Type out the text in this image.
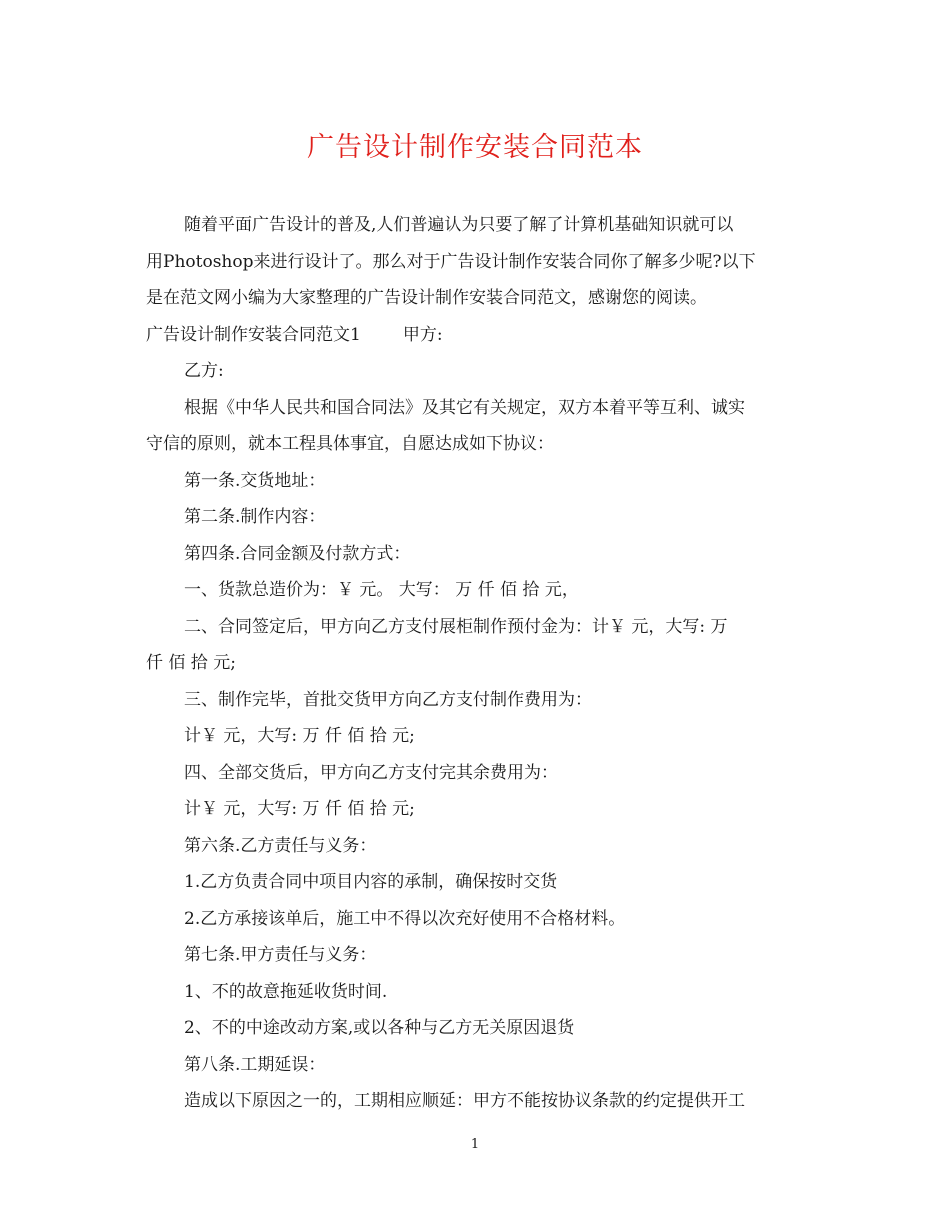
广告设计制作安装合同范本

随着平面广告设计的普及,人们普遍认为只要了解了计算机基础知识就可以

用Photoshop来进行设计了。那么对于广告设计制作安装合同你了解多少呢?以下

是在范文网小编为大家整理的广告设计制作安装合同范文，感谢您的阅读。

广告设计制作安装合同范文1 甲方:

乙方:

根据《中华人民共和国合同法》及其它有关规定，双方本着平等互利、诚实

守信的原则，就本工程具体事宜，自愿达成如下协议：

第一条.交货地址：

第二条.制作内容：

第四条.合同金额及付款方式：

一、货款总造价为：￥ 元。 大写： 万 仟 佰 拾 元，

二、合同签定后，甲方向乙方支付展柜制作预付金为：计￥ 元，大写: 万

仟 佰 拾 元;

三、制作完毕，首批交货甲方向乙方支付制作费用为：

计￥ 元，大写: 万 仟 佰 拾 元;

四、全部交货后，甲方向乙方支付完其余费用为：

计￥ 元，大写: 万 仟 佰 拾 元;

第六条.乙方责任与义务：

1.乙方负责合同中项目内容的承制，确保按时交货

2.乙方承接该单后，施工中不得以次充好使用不合格材料。

第七条.甲方责任与义务：

1、不的故意拖延收货时间.

2、不的中途改动方案,或以各种与乙方无关原因退货

第八条.工期延误：

造成以下原因之一的，工期相应顺延：甲方不能按协议条款的约定提供开工

1
